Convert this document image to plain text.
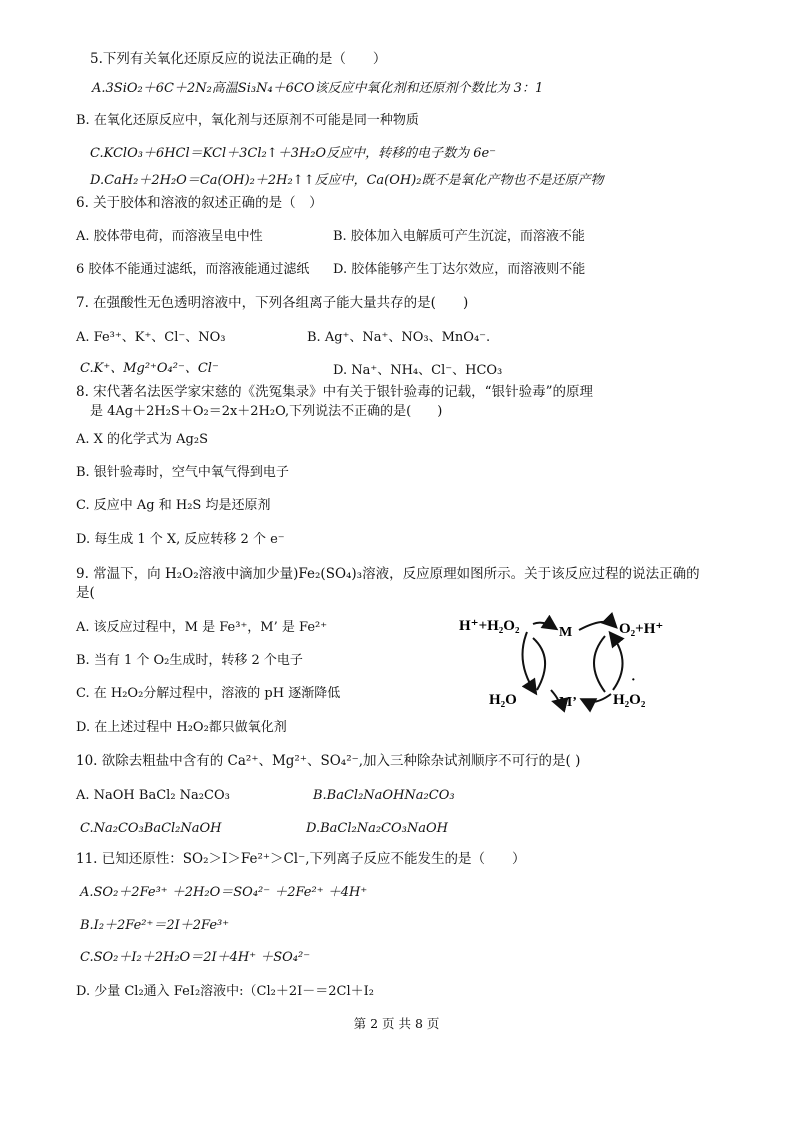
5.下列有关氧化还原反应的说法正确的是（　　）
A.3SiO₂＋6C＋2N₂高温Si₃N₄＋6CO该反应中氧化剂和还原剂个数比为 3：1
B. 在氧化还原反应中，氧化剂与还原剂不可能是同一种物质
C.KClO₃＋6HCl＝KCl＋3Cl₂↑＋3H₂O反应中，转移的电子数为 6e⁻
D.CaH₂＋2H₂O＝Ca(OH)₂＋2H₂↑↑反应中，Ca(OH)₂既不是氧化产物也不是还原产物
6. 关于胶体和溶液的叙述正确的是（　）
A. 胶体带电荷，而溶液呈电中性	B. 胶体加入电解质可产生沉淀，而溶液不能
6 胶体不能通过滤纸，而溶液能通过滤纸 D. 胶体能够产生丁达尔效应，而溶液则不能
7. 在强酸性无色透明溶液中，下列各组离子能大量共存的是(　　)
A. Fe³⁺、K⁺、Cl⁻、NO₃	B. Ag⁺、Na⁺、NO₃、MnO₄⁻.
C.K⁺、Mg²⁺O₄²⁻、Cl⁻	D. Na⁺、NH₄、Cl⁻、HCO₃
8. 宋代著名法医学家宋慈的《洗冤集录》中有关于银针验毒的记载，“银针验毒”的原理
是 4Ag＋2H₂S＋O₂＝2x＋2H₂O,下列说法不正确的是(　　)
A. X 的化学式为 Ag₂S
B. 银针验毒时，空气中氧气得到电子
C. 反应中 Ag 和 H₂S 均是还原剂
D. 每生成 1 个 X, 反应转移 2 个 e⁻
9. 常温下，向 H₂O₂溶液中滴加少量)Fe₂(SO₄)₃溶液，反应原理如图所示。关于该反应过程的说法正确的
是(
A. 该反应过程中，M 是 Fe³⁺，M’ 是 Fe²⁺
B. 当有 1 个 O₂生成时，转移 2 个电子
C. 在 H₂O₂分解过程中，溶液的 pH 逐渐降低
D. 在上述过程中 H₂O₂都只做氧化剂
H⁺+H₂O₂	M	O₂+H⁺
H₂O	M’ H₂O₂
·
10. 欲除去粗盐中含有的 Ca²⁺、Mg²⁺、SO₄²⁻,加入三种除杂试剂顺序不可行的是( )
A. NaOH BaCl₂ Na₂CO₃	B.BaCl₂NaOHNa₂CO₃
C.Na₂CO₃BaCl₂NaOH	D.BaCl₂Na₂CO₃NaOH
11. 已知还原性：SO₂＞I＞Fe²⁺＞Cl⁻,下列离子反应不能发生的是（　　）
A.SO₂＋2Fe³⁺ ＋2H₂O＝SO₄²⁻ ＋2Fe²⁺ ＋4H⁺
B.I₂＋2Fe²⁺＝2I＋2Fe³⁺
C.SO₂＋I₂＋2H₂O＝2I＋4H⁺ ＋SO₄²⁻
D. 少量 Cl₂通入 FeI₂溶液中:（Cl₂＋2I－＝2Cl＋I₂
第 2 页 共 8 页
